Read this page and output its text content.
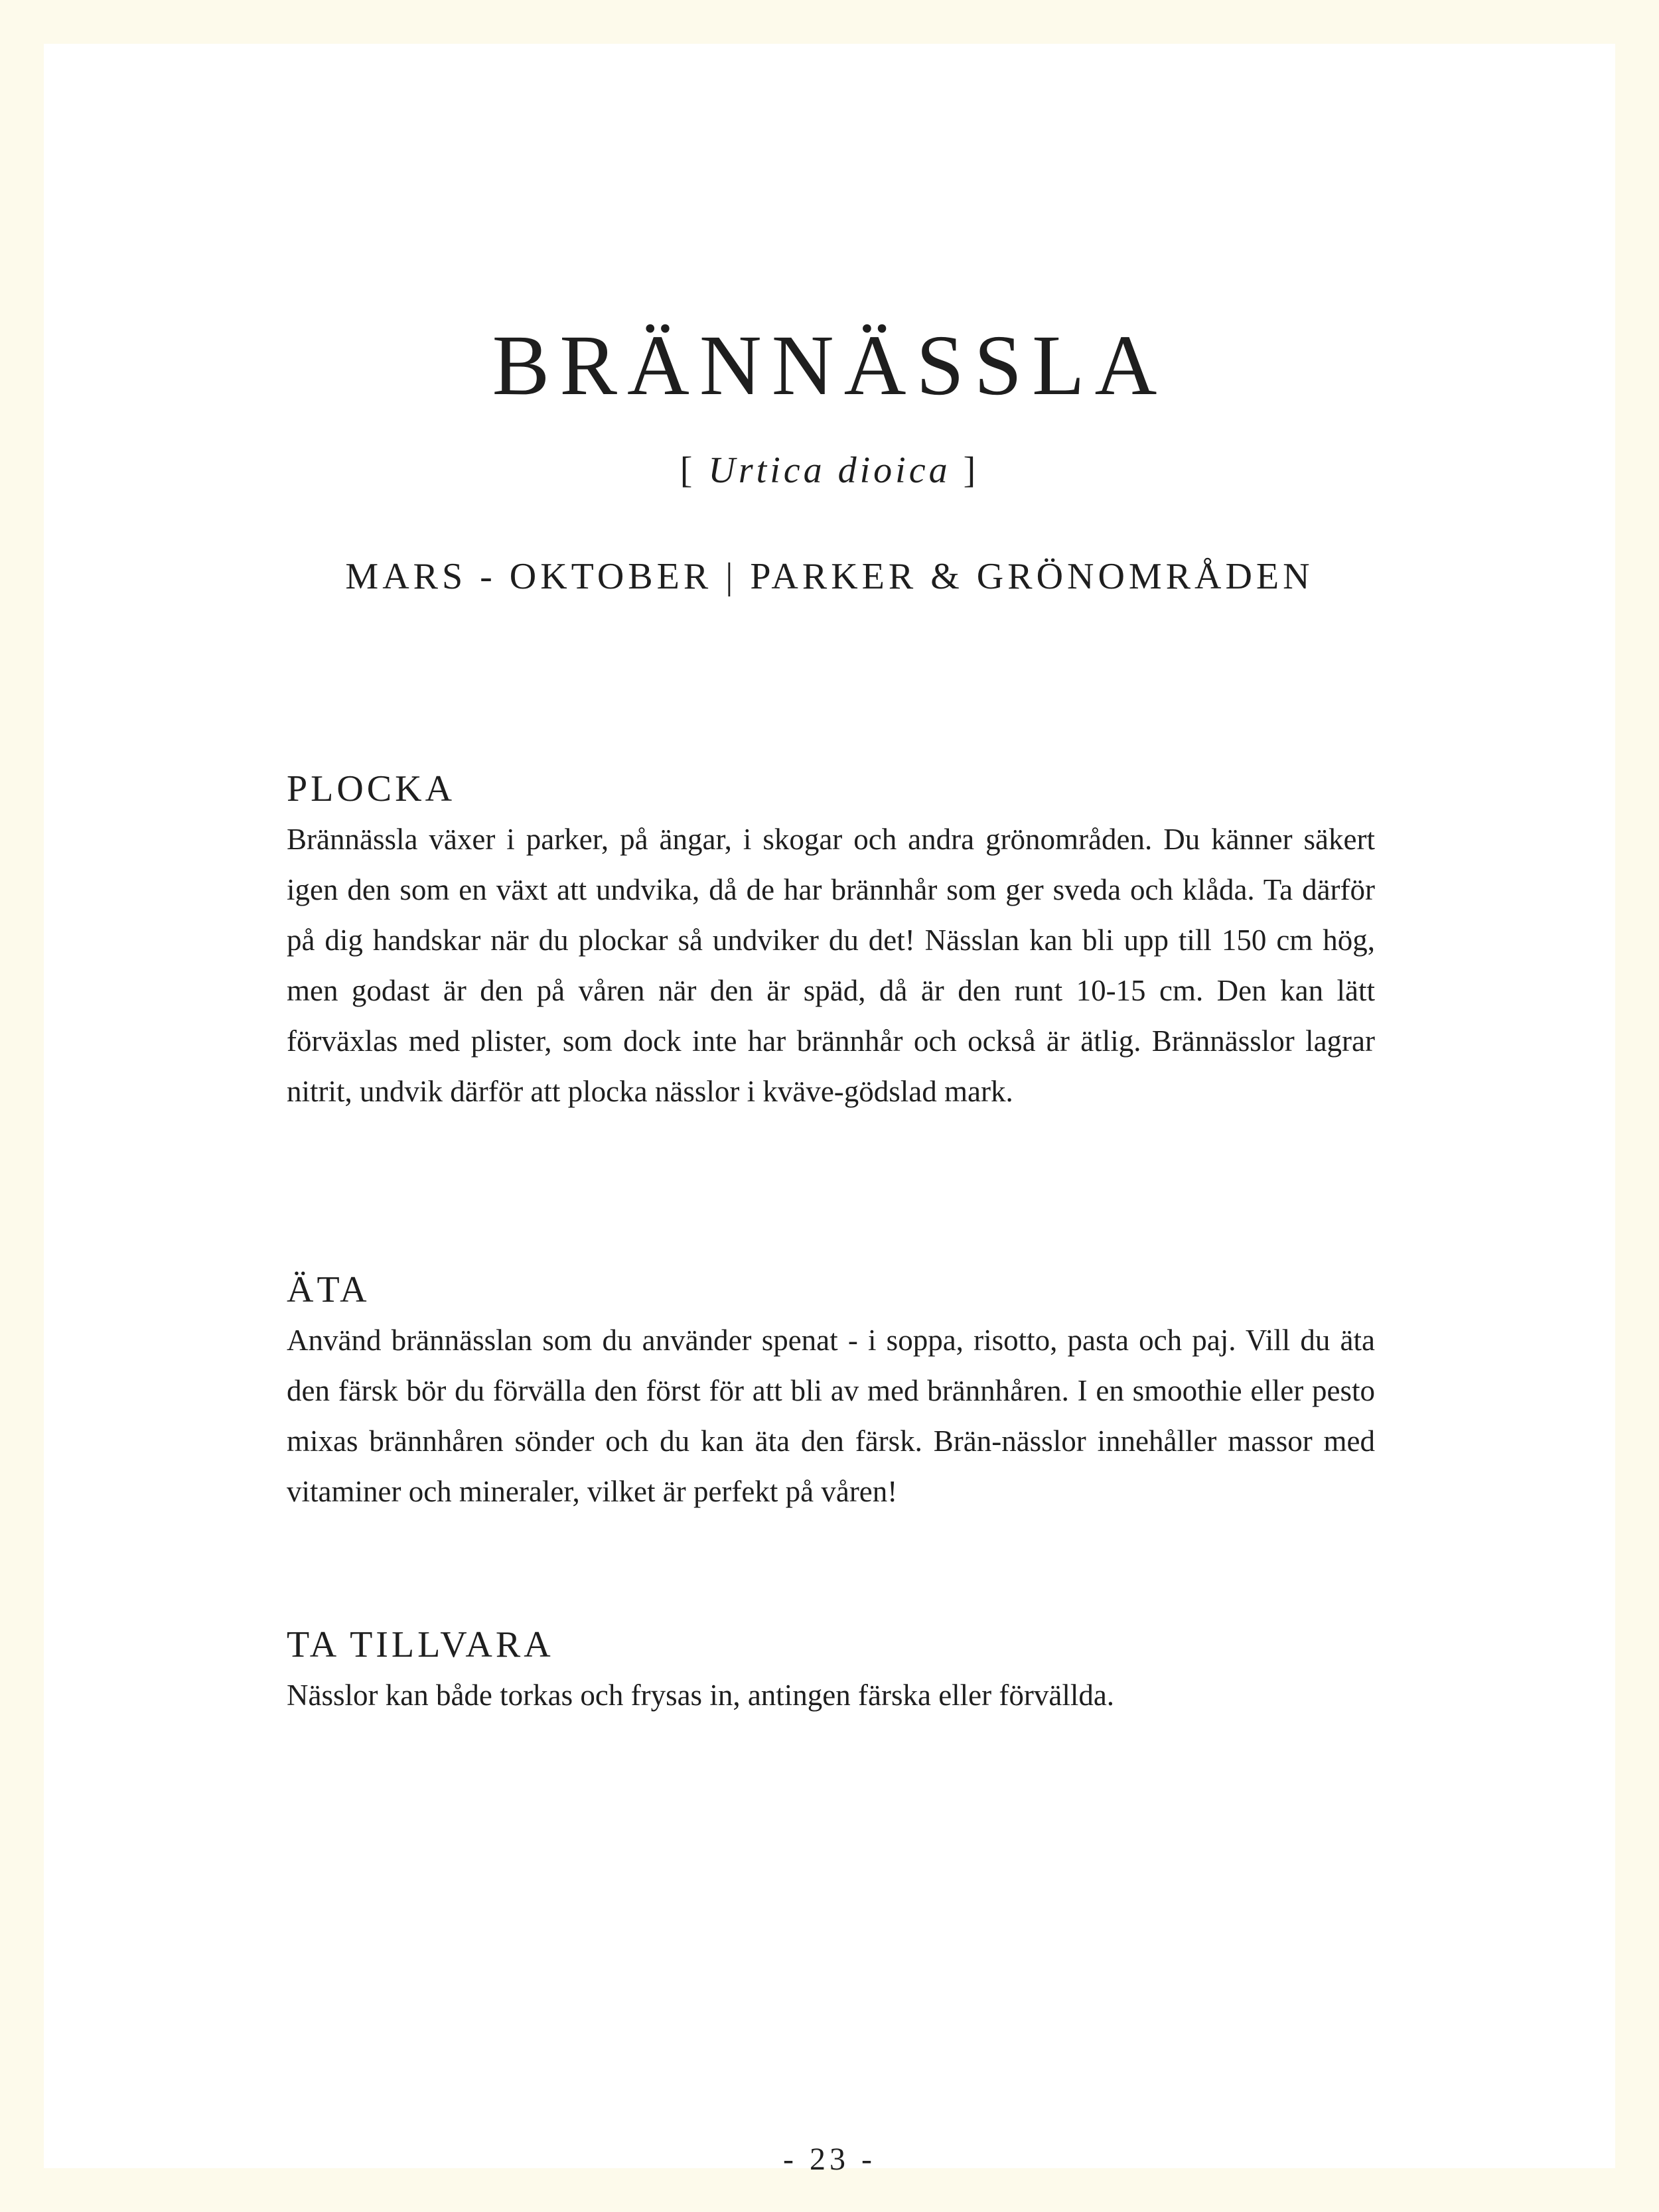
BRÄNNÄSSLA
[ Urtica dioica ]
MARS - OKTOBER | PARKER & GRÖNOMRÅDEN
PLOCKA

Brännässla växer i parker, på ängar, i skogar och andra grönområden. Du känner säkert igen den som en växt att undvika, då de har brännhår som ger sveda och klåda. Ta därför på dig handskar när du plockar så undviker du det! Nässlan kan bli upp till 150 cm hög, men godast är den på våren när den är späd, då är den runt 10-15 cm. Den kan lätt förväxlas med plister, som dock inte har brännhår och också är ätlig. Brännässlor lagrar nitrit, undvik därför att plocka nässlor i kväve-gödslad mark.

ÄTA

Använd brännässlan som du använder spenat - i soppa, risotto, pasta och paj. Vill du äta den färsk bör du förvälla den först för att bli av med brännhåren. I en smoothie eller pesto mixas brännhåren sönder och du kan äta den färsk. Brän-nässlor innehåller massor med vitaminer och mineraler, vilket är perfekt på våren!

TA TILLVARA

Nässlor kan både torkas och frysas in, antingen färska eller förvällda.

- 23 -
